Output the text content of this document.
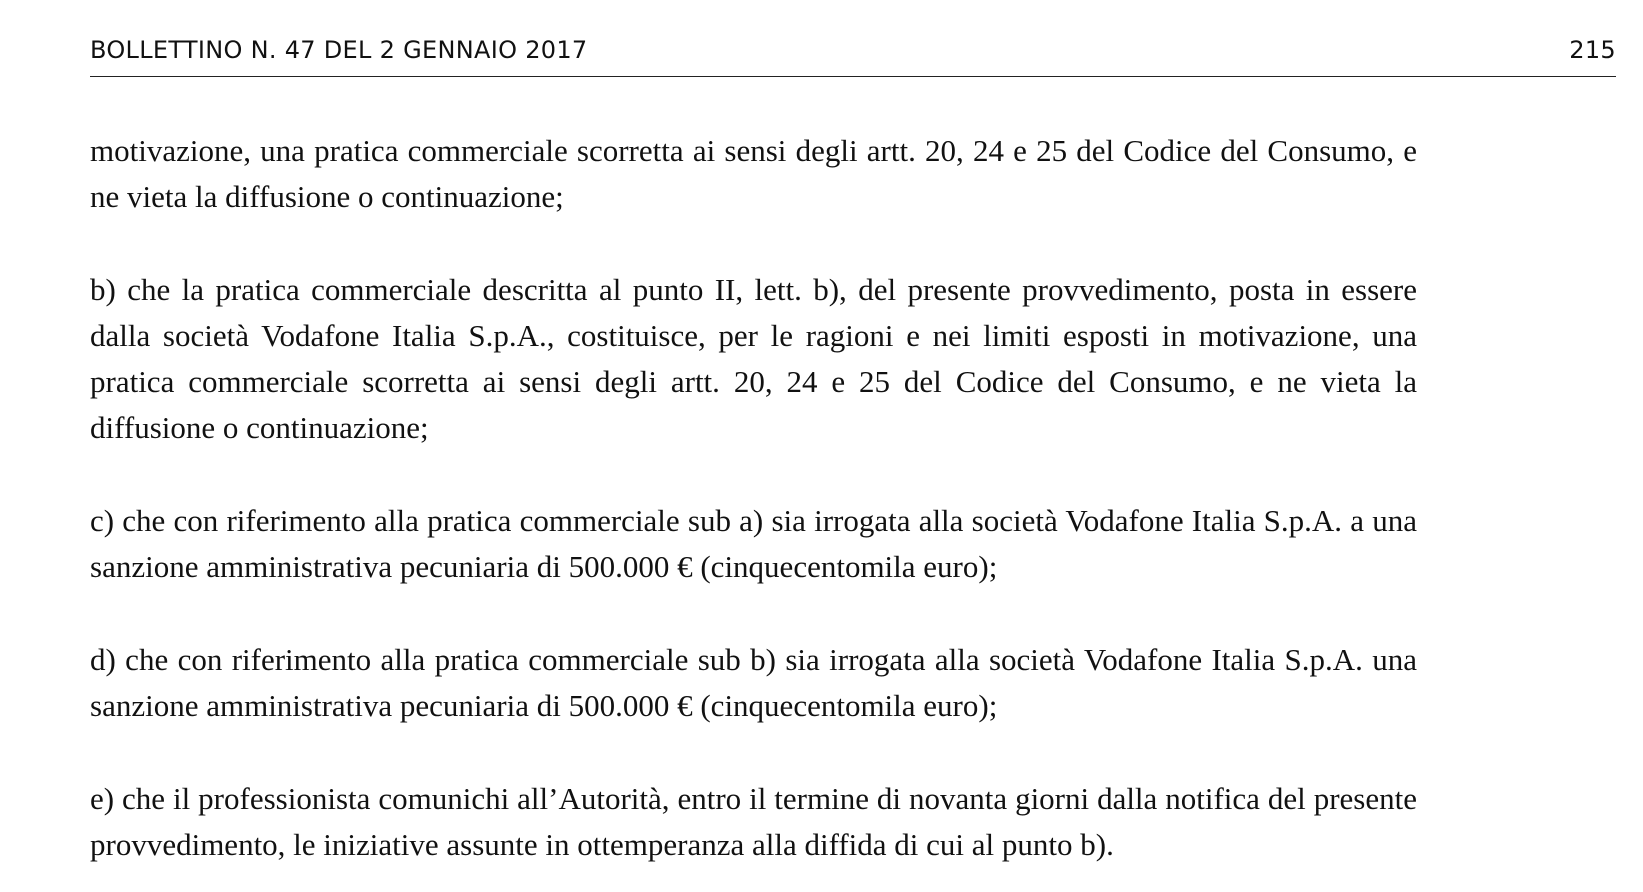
BOLLETTINO N. 47 DEL 2 GENNAIO 2017	215

motivazione, una pratica commerciale scorretta ai sensi degli artt. 20, 24 e 25 del Codice del Consumo, e ne vieta la diffusione o continuazione;

b) che la pratica commerciale descritta al punto II, lett. b), del presente provvedimento, posta in essere dalla società Vodafone Italia S.p.A., costituisce, per le ragioni e nei limiti esposti in motivazione, una pratica commerciale scorretta ai sensi degli artt. 20, 24 e 25 del Codice del Consumo, e ne vieta la diffusione o continuazione;

c) che con riferimento alla pratica commerciale sub a) sia irrogata alla società Vodafone Italia S.p.A. a una sanzione amministrativa pecuniaria di 500.000 € (cinquecentomila euro);

d) che con riferimento alla pratica commerciale sub b) sia irrogata alla società Vodafone Italia S.p.A. una sanzione amministrativa pecuniaria di 500.000 € (cinquecentomila euro);

e) che il professionista comunichi all’Autorità, entro il termine di novanta giorni dalla notifica del presente provvedimento, le iniziative assunte in ottemperanza alla diffida di cui al punto b).
